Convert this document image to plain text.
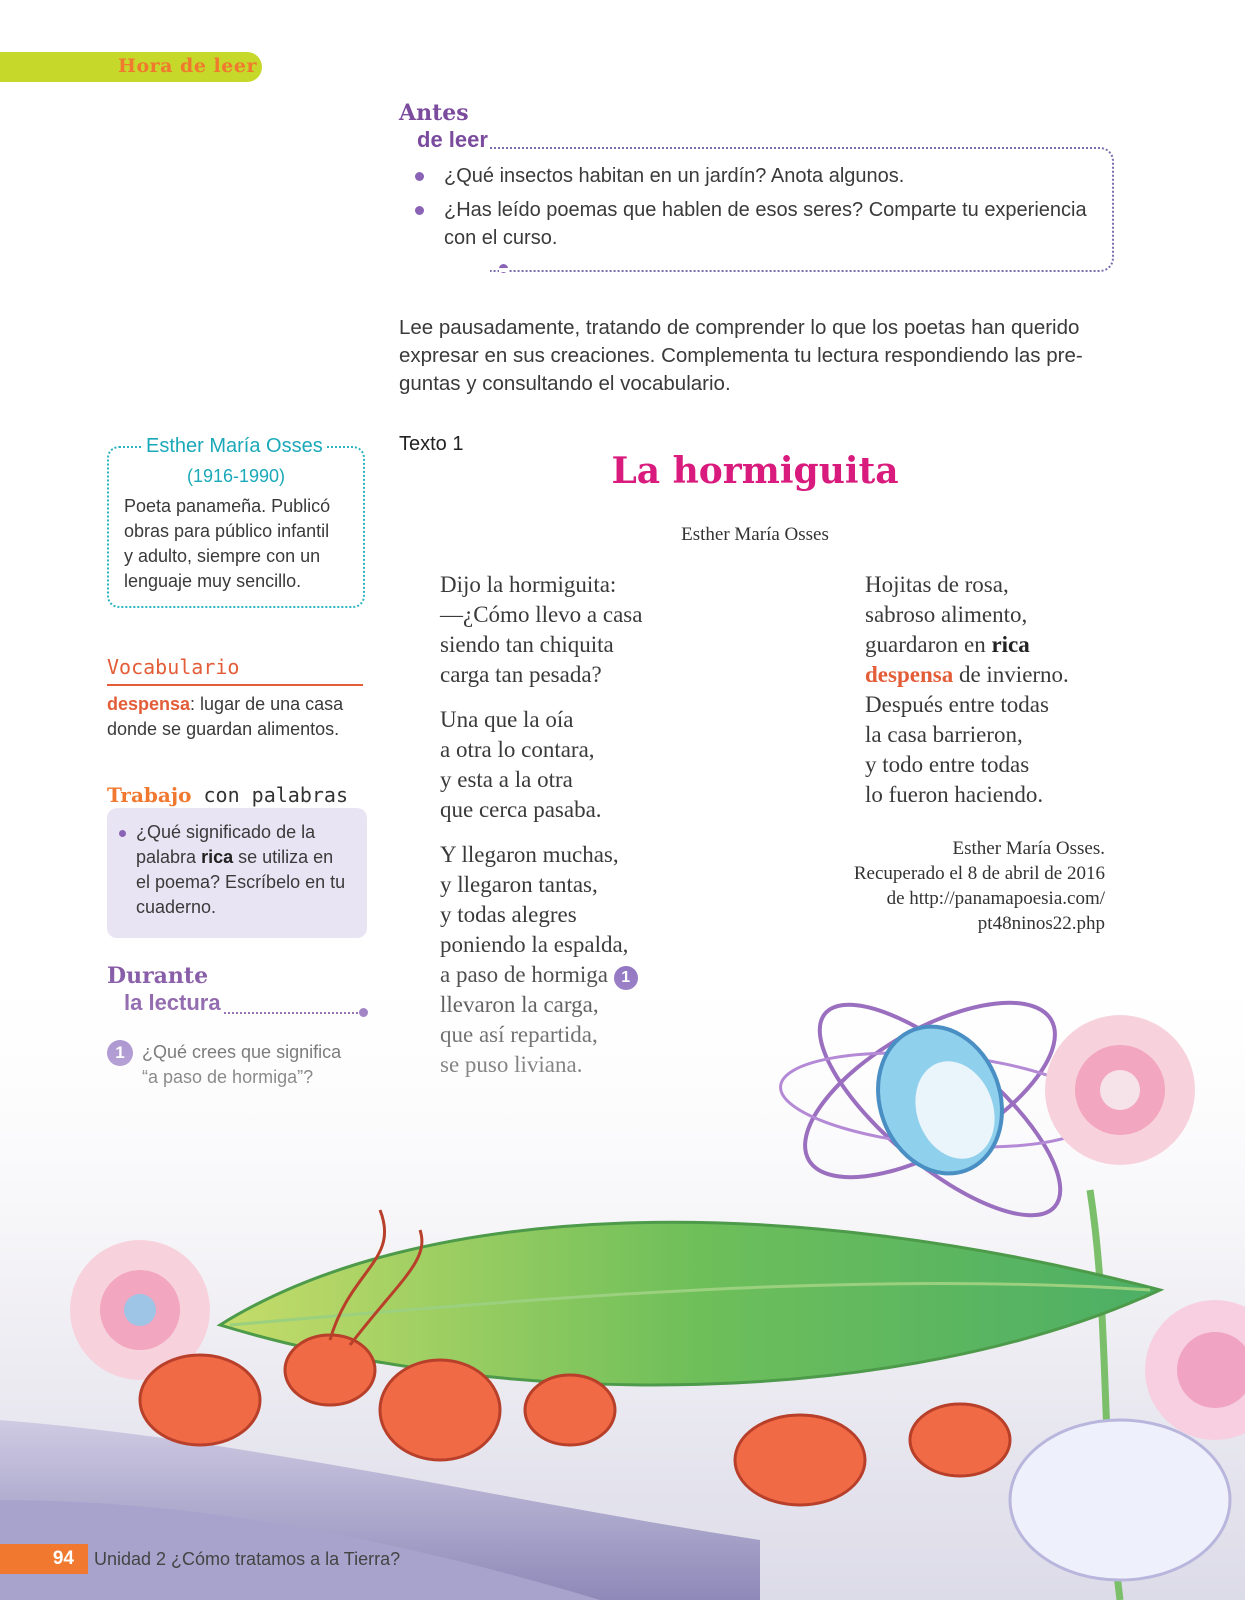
Hora de leer
Antes
de leer
¿Qué insectos habitan en un jardín? Anota algunos.
¿Has leído poemas que hablen de esos seres? Comparte tu experiencia
con el curso.
Lee pausadamente, tratando de comprender lo que los poetas han querido
expresar en sus creaciones. Complementa tu lectura respondiendo las pre-
guntas y consultando el vocabulario.
Esther María Osses
(1916-1990)
Poeta panameña. Publicó
obras para público infantil
y adulto, siempre con un
lenguaje muy sencillo.
Vocabulario
despensa: lugar de una casa
donde se guardan alimentos.
Trabajo con palabras
¿Qué significado de la
palabra rica se utiliza en
el poema? Escríbelo en tu
cuaderno.
Texto 1
La hormiguita
Esther María Osses
Dijo la hormiguita:
—¿Cómo llevo a casa
siendo tan chiquita
carga tan pesada?
Una que la oía
a otra lo contara,
y esta a la otra
que cerca pasaba.
Y llegaron muchas,
y llegaron tantas,
y todas alegres
Hojitas de rosa,
sabroso alimento,
guardaron en rica
despensa de invierno.
Después entre todas
la casa barrieron,
y todo entre todas
lo fueron haciendo.
Esther María Osses.
Recuperado el 8 de abril de 2016
de http://panamapoesia.com/
pt48ninos22.php
94 Unidad 2 ¿Cómo tratamos a la Tierra?
